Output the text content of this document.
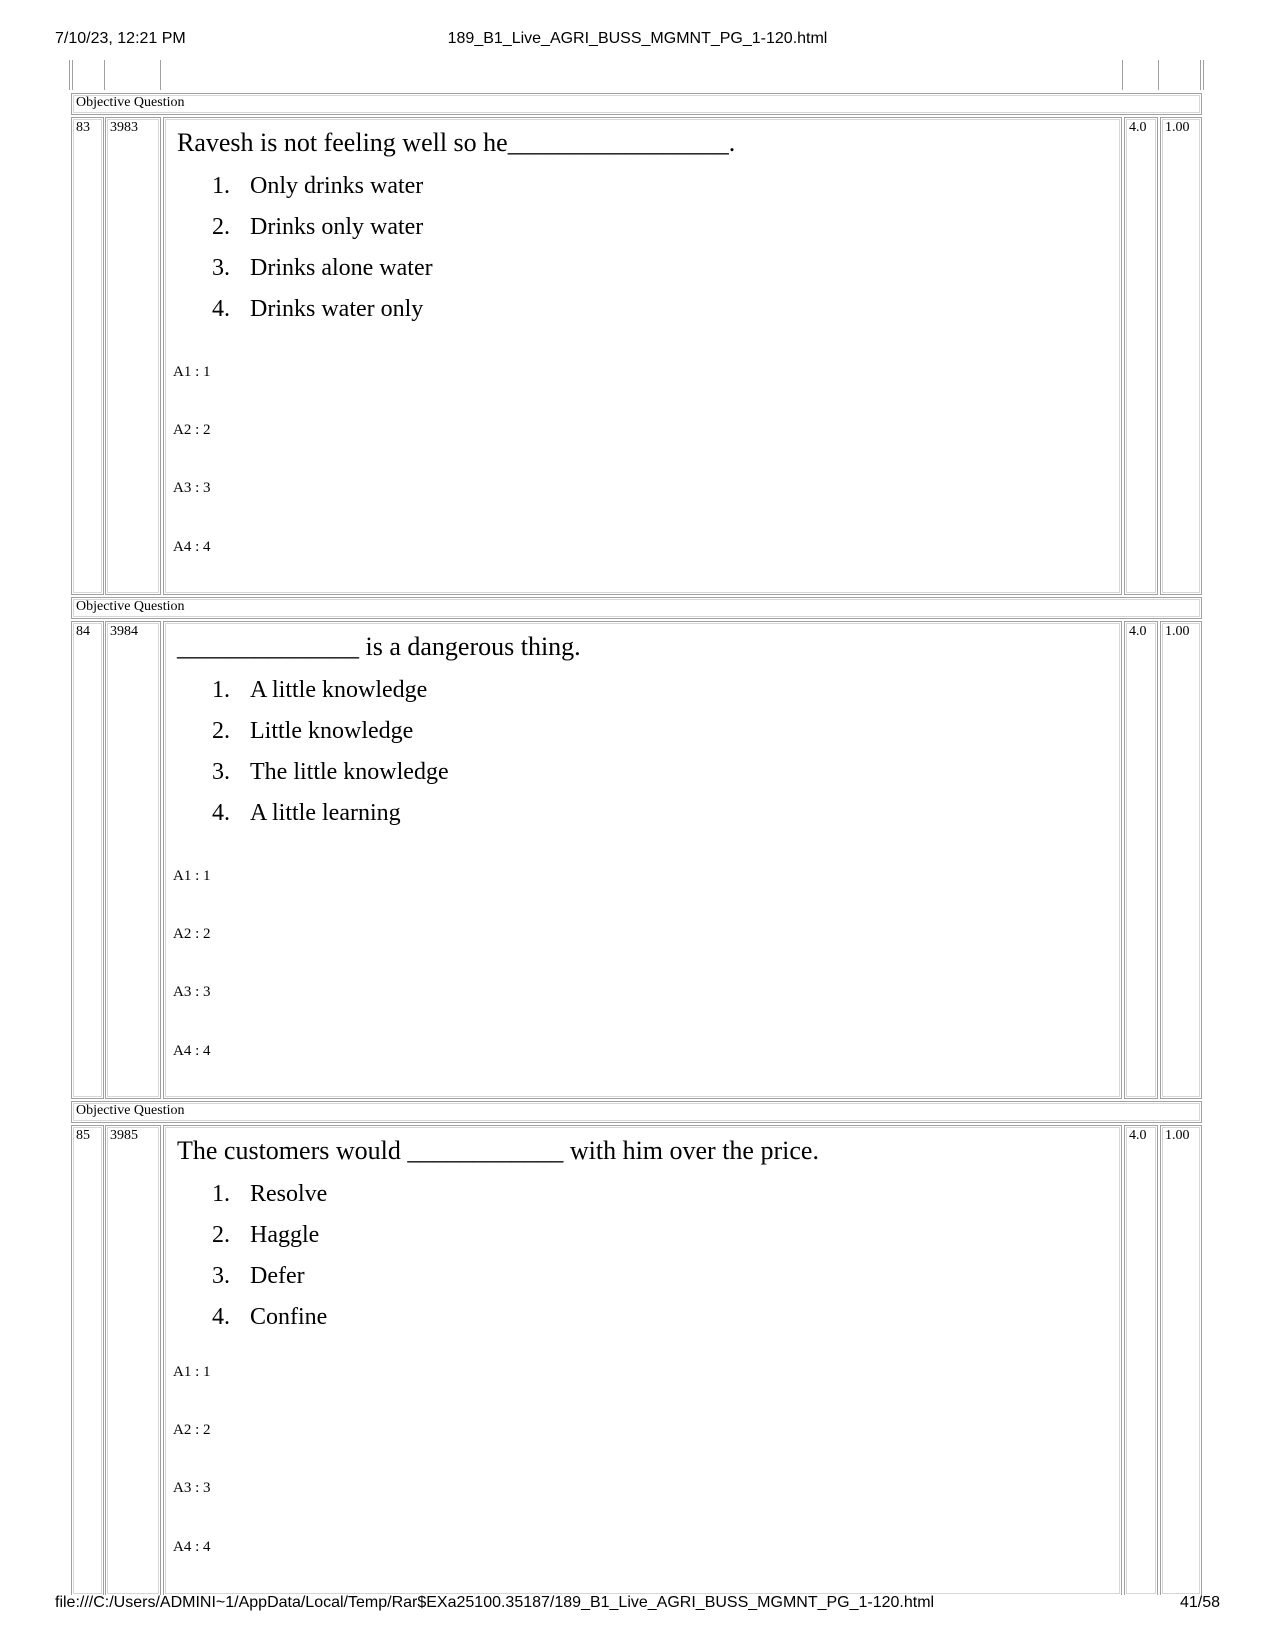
7/10/23, 12:21 PM	189_B1_Live_AGRI_BUSS_MGMNT_PG_1-120.html
Objective Question
83 3983
Ravesh is not feeling well so he_________________.
1. Only drinks water
2. Drinks only water
3. Drinks alone water
4. Drinks water only
A1 : 1
A2 : 2
A3 : 3
A4 : 4
4.0 1.00
Objective Question
84 3984
______________ is a dangerous thing.
1. A little knowledge
2. Little knowledge
3. The little knowledge
4. A little learning
A1 : 1
A2 : 2
A3 : 3
A4 : 4
4.0 1.00
Objective Question
85 3985
The customers would ____________ with him over the price.
1. Resolve
2. Haggle
3. Defer
4. Confine
A1 : 1
A2 : 2
A3 : 3
A4 : 4
4.0 1.00
file:///C:/Users/ADMINI~1/AppData/Local/Temp/Rar$EXa25100.35187/189_B1_Live_AGRI_BUSS_MGMNT_PG_1-120.html	41/58
